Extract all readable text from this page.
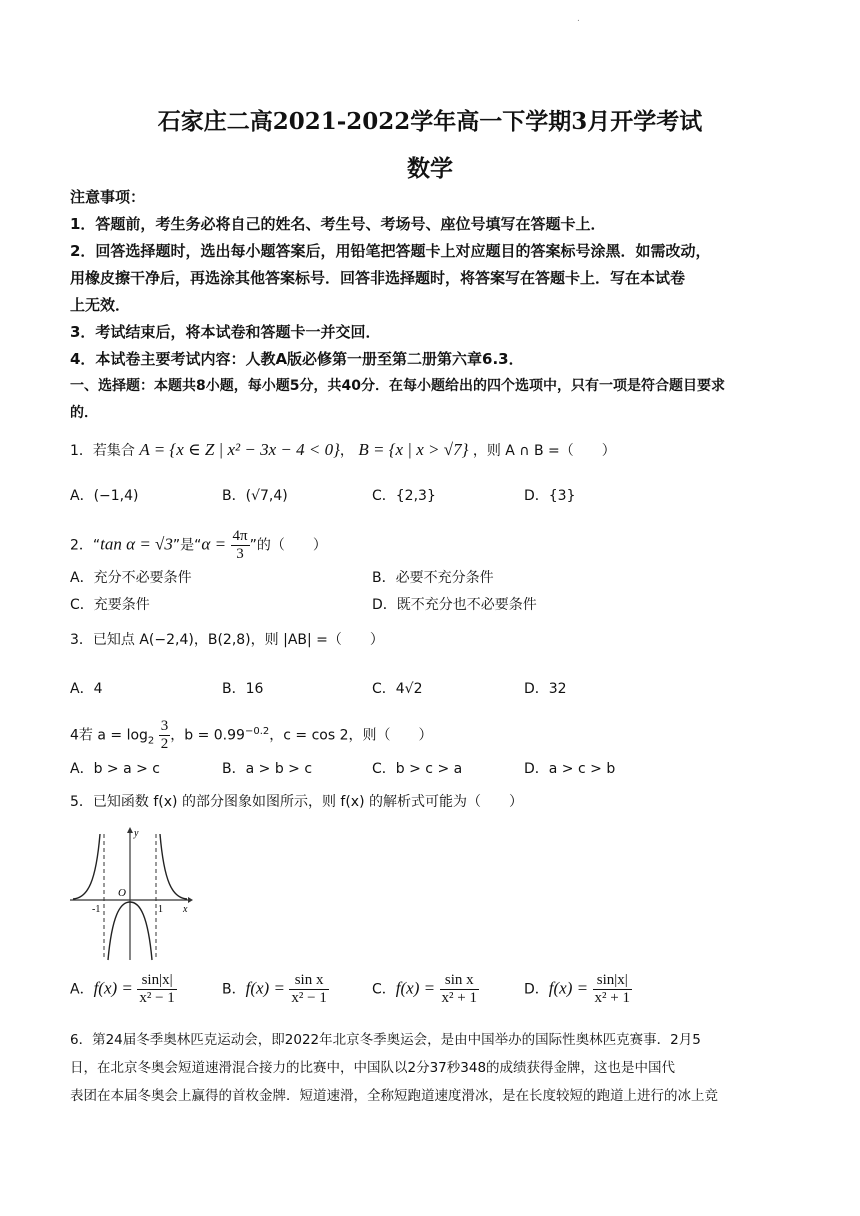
.
石家庄二高2021-2022学年高一下学期3月开学考试
数学
注意事项：
1．答题前，考生务必将自己的姓名、考生号、考场号、座位号填写在答题卡上．
2．回答选择题时，选出每小题答案后，用铅笔把答题卡上对应题目的答案标号涂黑．如需改动，
用橡皮擦干净后，再选涂其他答案标号．回答非选择题时，将答案写在答题卡上．写在本试卷
上无效．
3．考试结束后，将本试卷和答题卡一并交回．
4．本试卷主要考试内容：人教A版必修第一册至第二册第六章6.3．
一、选择题：本题共8小题，每小题5分，共40分．在每小题给出的四个选项中，只有一项是符合题目要求
的．
1．若集合 A = {x ∈ Z | x² − 3x − 4 < 0}， B = {x | x > √7} ，则 A ∩ B =（　　）
A．(−1,4)	B．(√7,4)	C．{2,3}	D．{3}
2．“tan α = √3”是“$\alpha = \frac{4\pi}{3}$ ”的（　　）
A．充分不必要条件	B．必要不充分条件
C．充要条件	D．既不充分也不必要条件
3．已知点 A(−2,4)，B(2,8)，则 |AB| =（　　）
A．4	B．16	C．4√2	D．32
4若 $a = \log_2 \frac{3}{2}$ ，$b = 0.99^{-0.2}$，c = cos 2，则（　　）
A．b > a > c	B．a > b > c	C．b > c > a	D．a > c > b
5．已知函数 f(x) 的部分图象如图所示，则 f(x) 的解析式可能为（　　）
y
x
O
-1	1
A．$f(x) = \frac{\sin|x|}{\text{x² − 1}}$	B．$f(x) = \frac{\text{sin x}}{\text{x² − 1}}$	C．$f(x) = \frac{\text{sin x}}{\text{x² + 1}}$	D．$f(x) = \frac{\sin|x|}{\text{x² + 1}}$
6．第24届冬季奥林匹克运动会，即2022年北京冬季奥运会，是由中国举办的国际性奥林匹克赛事．2月5
日，在北京冬奥会短道速滑混合接力的比赛中，中国队以2分37秒348的成绩获得金牌，这也是中国代
表团在本届冬奥会上赢得的首枚金牌．短道速滑，全称短跑道速度滑冰，是在长度较短的跑道上进行的冰上竞
